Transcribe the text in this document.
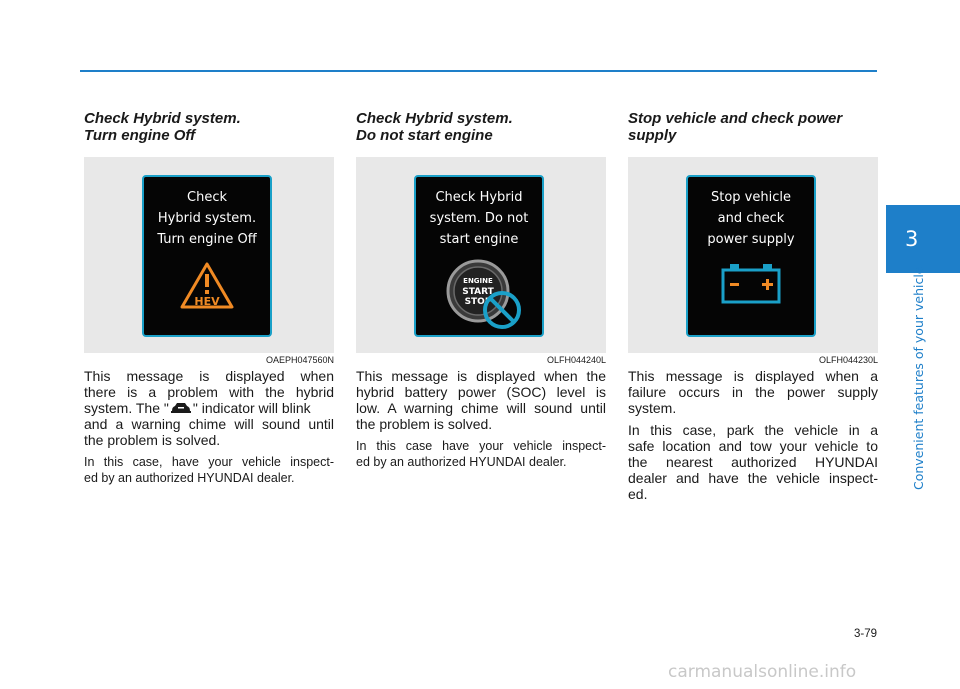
Check Hybrid system.
Turn engine Off
Check
Hybrid system.
Turn engine Off
HEV
OAEPH047560N
This message is displayed when
there is a problem with the hybrid
system. The " " indicator will blink
and a warning chime will sound until
the problem is solved.
In this case, have your vehicle inspect-
ed by an authorized HYUNDAI dealer.
Check Hybrid system.
Do not start engine
Check Hybrid
system. Do not
start engine
ENGINE
START
STOP
OLFH044240L
This message is displayed when the
hybrid battery power (SOC) level is
low. A warning chime will sound until
the problem is solved.
In this case have your vehicle inspect-
ed by an authorized HYUNDAI dealer.
Stop vehicle and check power
supply
Stop vehicle
and check
power supply
OLFH044230L
This message is displayed when a
failure occurs in the power supply
system.
In this case, park the vehicle in a
safe location and tow your vehicle to
the nearest authorized HYUNDAI
dealer and have the vehicle inspect-
ed.
3
Convenient features of your vehicle
3-79
carmanualsonline.info
